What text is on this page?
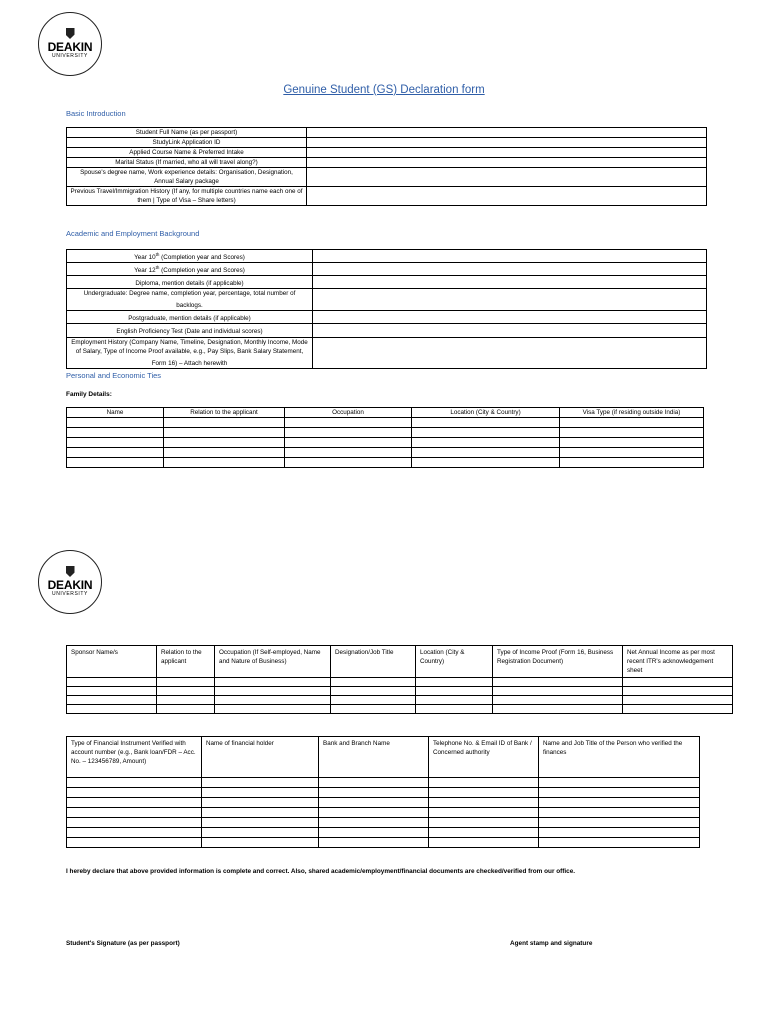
DEAKIN
UNIVERSITY
Genuine Student (GS) Declaration form
Basic Introduction
Student Full Name (as per passport)	
StudyLink Application ID	
Applied Course Name & Preferred Intake	
Marital Status (If married, who all will travel along?)	
Spouse's degree name, Work experience details: Organisation, Designation, Annual Salary package	
Previous Travel/Immigration History (If any, for multiple countries name each one of them | Type of Visa – Share letters)	
Academic and Employment Background
Year 10th (Completion year and Scores)	
Year 12th (Completion year and Scores)	
Diploma, mention details (if applicable)	
Undergraduate: Degree name, completion year, percentage, total number of backlogs.	
Postgraduate, mention details (if applicable)	
English Proficiency Test (Date and individual scores)	
Employment History (Company Name, Timeline, Designation, Monthly Income, Mode of Salary, Type of Income Proof available, e.g., Pay Slips, Bank Salary Statement, Form 16) – Attach herewith	
Personal and Economic Ties
Family Details:
Name	Relation to the applicant	Occupation	Location (City & Country)	Visa Type (if residing outside India)

DEAKIN
UNIVERSITY
Sponsor Name/s	Relation to the applicant	Occupation (If Self-employed, Name and Nature of Business)	Designation/Job Title	Location (City & Country)	Type of Income Proof (Form 16, Business Registration Document)	Net Annual Income as per most recent ITR's acknowledgement sheet

Type of Financial Instrument Verified with account number (e.g., Bank loan/FDR – Acc. No. – 123456789, Amount)	Name of financial holder	Bank and Branch Name	Telephone No. & Email ID of Bank / Concerned authority	Name and Job Title of the Person who verified the finances

I hereby declare that above provided information is complete and correct. Also, shared academic/employment/financial documents are checked/verified from our office.
Student's Signature (as per passport)	Agent stamp and signature
